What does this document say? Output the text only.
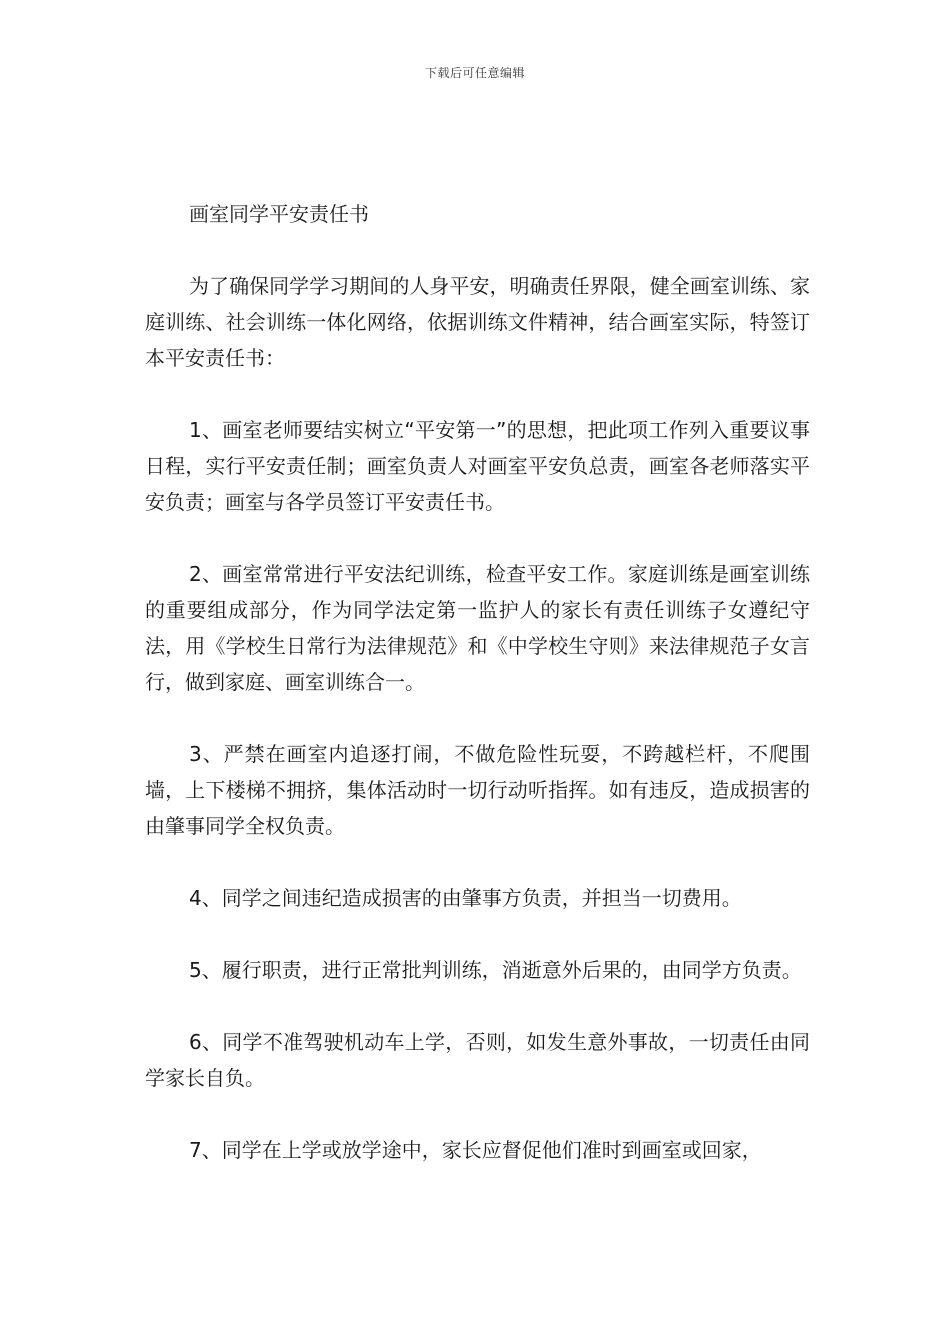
下载后可任意编辑
画室同学平安责任书

为了确保同学学习期间的人身平安，明确责任界限，健全画室训练、家庭训练、社会训练一体化网络，依据训练文件精神，结合画室实际，特签订本平安责任书：

1、画室老师要结实树立“平安第一”的思想，把此项工作列入重要议事日程，实行平安责任制；画室负责人对画室平安负总责，画室各老师落实平安负责；画室与各学员签订平安责任书。

2、画室常常进行平安法纪训练，检查平安工作。家庭训练是画室训练的重要组成部分，作为同学法定第一监护人的家长有责任训练子女遵纪守法，用《学校生日常行为法律规范》和《中学校生守则》来法律规范子女言行，做到家庭、画室训练合一。

3、严禁在画室内追逐打闹，不做危险性玩耍，不跨越栏杆，不爬围墙，上下楼梯不拥挤，集体活动时一切行动听指挥。如有违反，造成损害的由肇事同学全权负责。

4、同学之间违纪造成损害的由肇事方负责，并担当一切费用。

5、履行职责，进行正常批判训练，消逝意外后果的，由同学方负责。

6、同学不准驾驶机动车上学，否则，如发生意外事故，一切责任由同学家长自负。

7、同学在上学或放学途中，家长应督促他们准时到画室或回家，
